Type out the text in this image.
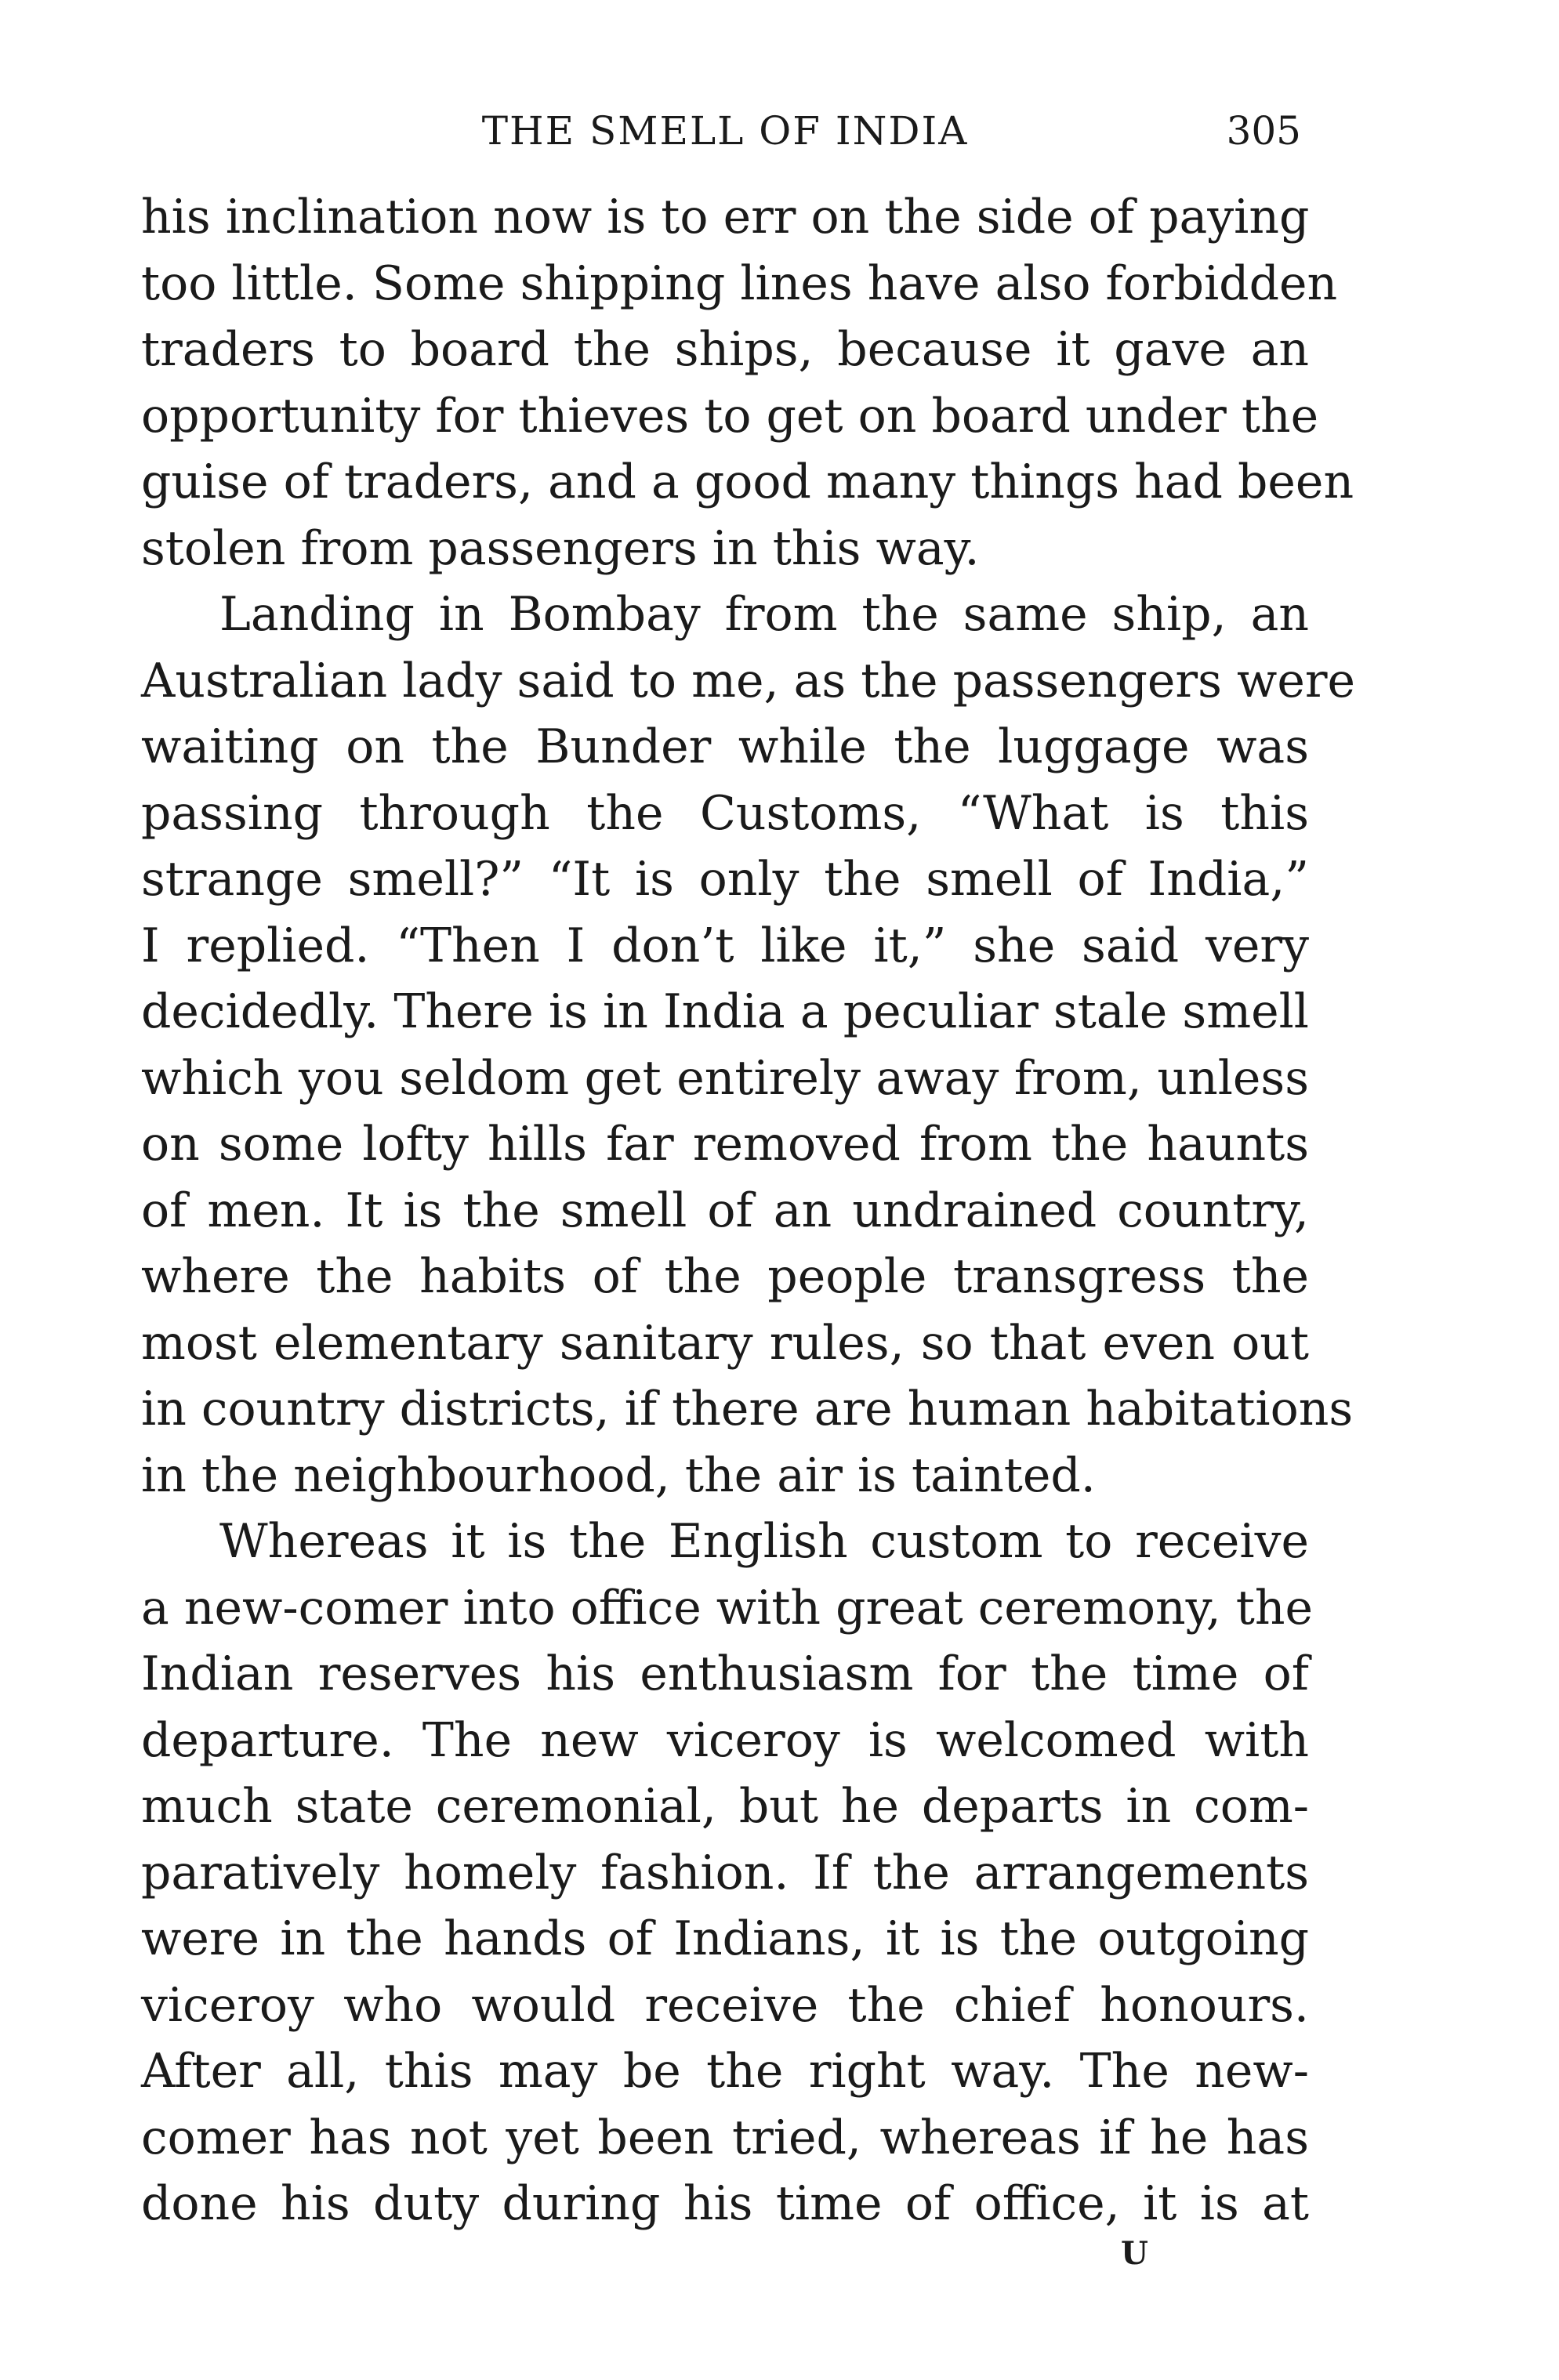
THE SMELL OF INDIA	305
his inclination now is to err on the side of paying
too little. Some shipping lines have also forbidden
traders to board the ships, because it gave an
opportunity for thieves to get on board under the
guise of traders, and a good many things had been
stolen from passengers in this way.
Landing in Bombay from the same ship, an
Australian lady said to me, as the passengers were
waiting on the Bunder while the luggage was
passing through the Customs, “What is this
strange smell?” “It is only the smell of India,”
I replied. “Then I don’t like it,” she said very
decidedly. There is in India a peculiar stale smell
which you seldom get entirely away from, unless
on some lofty hills far removed from the haunts
of men. It is the smell of an undrained country,
where the habits of the people transgress the
most elementary sanitary rules, so that even out
in country districts, if there are human habitations
in the neighbourhood, the air is tainted.
Whereas it is the English custom to receive
a new-comer into office with great ceremony, the
Indian reserves his enthusiasm for the time of
departure. The new viceroy is welcomed with
much state ceremonial, but he departs in com-
paratively homely fashion. If the arrangements
were in the hands of Indians, it is the outgoing
viceroy who would receive the chief honours.
After all, this may be the right way. The new-
comer has not yet been tried, whereas if he has
done his duty during his time of office, it is at
U
